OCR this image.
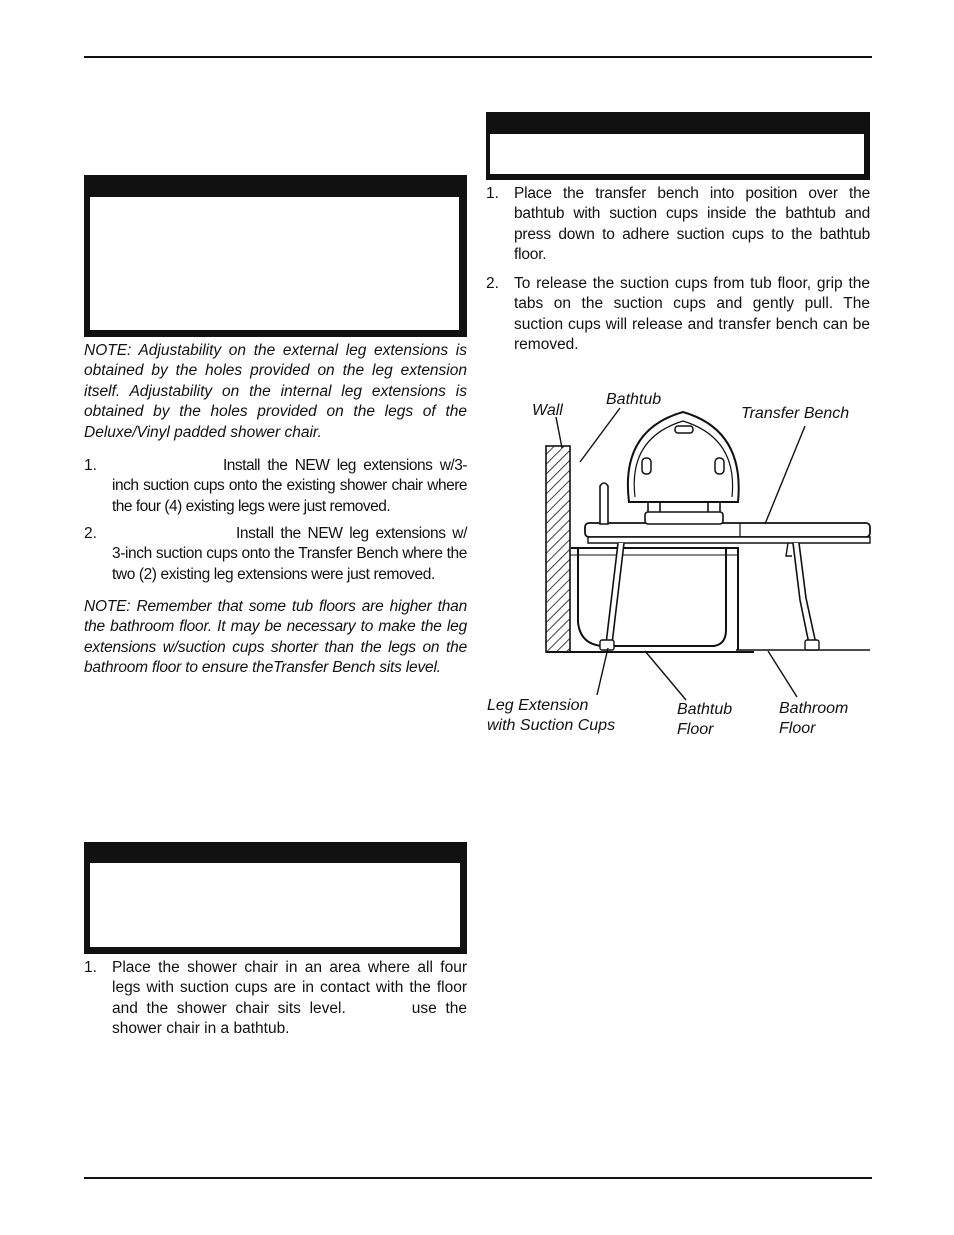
NOTE: Adjustability on the external leg extensions is obtained by the holes provided on the leg extension itself. Adjustability on the internal leg extensions is obtained by the holes provided on the legs of the Deluxe/Vinyl padded shower chair.

1.	Install the NEW leg extensions w/3-inch suction cups onto the existing shower chair where the four (4) existing legs were just removed.
2.	Install the NEW leg extensions w/ 3-inch suction cups onto the Transfer Bench where the two (2) existing leg extensions were just removed.

NOTE: Remember that some tub floors are higher than the bathroom floor. It may be necessary to make the leg extensions w/suction cups shorter than the legs on the bathroom floor to ensure theTransfer Bench sits level.

1. Place the shower chair in an area where all four legs with suction cups are in contact with the floor and the shower chair sits level.	use the shower chair in a bathtub.
1. Place the transfer bench into position over the bathtub with suction cups inside the bathtub and press down to adhere suction cups to the bathtub floor.
2. To release the suction cups from tub floor, grip the tabs on the suction cups and gently pull. The suction cups will release and transfer bench can be removed.
Wall
Bathtub
Transfer Bench
Leg Extension
with Suction Cups
Bathtub
Floor
Bathroom
Floor
